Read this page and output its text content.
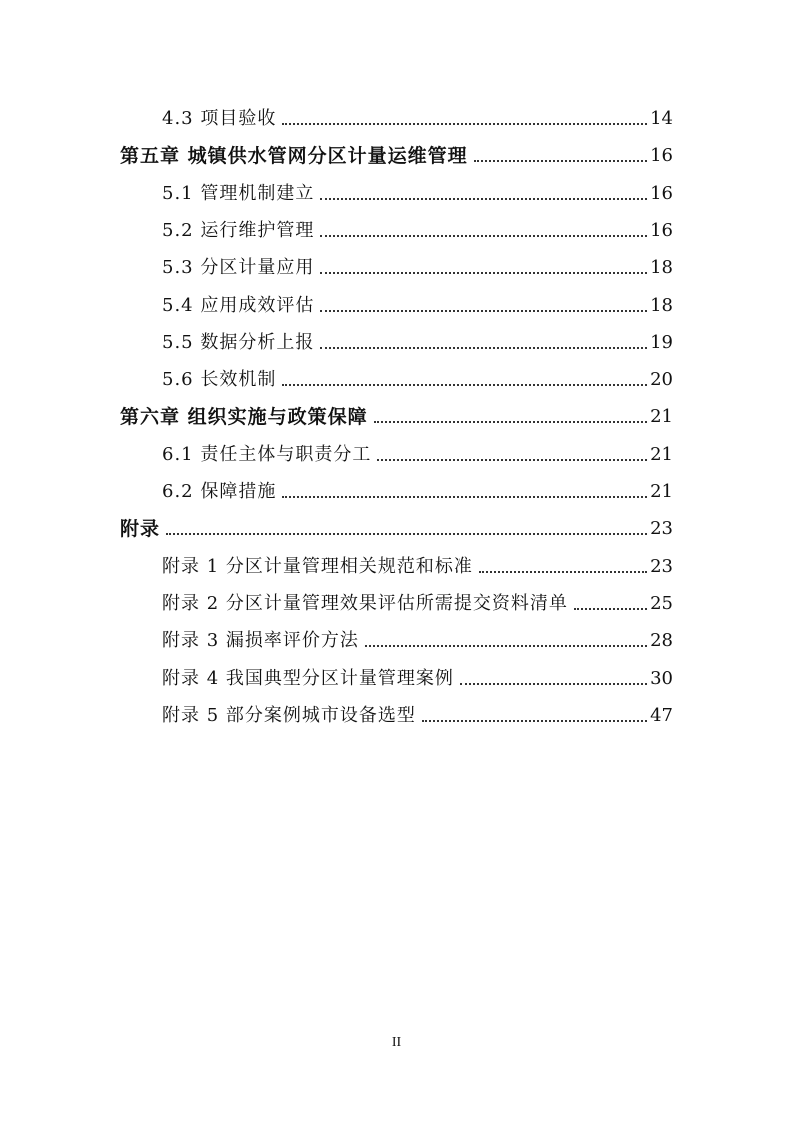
4.3 项目验收	14
第五章 城镇供水管网分区计量运维管理	16
5.1 管理机制建立	16
5.2 运行维护管理	16
5.3 分区计量应用	18
5.4 应用成效评估	18
5.5 数据分析上报	19
5.6 长效机制	20
第六章 组织实施与政策保障	21
6.1 责任主体与职责分工	21
6.2 保障措施	21
附录	23
附录 1 分区计量管理相关规范和标准	23
附录 2 分区计量管理效果评估所需提交资料清单	25
附录 3 漏损率评价方法	28
附录 4 我国典型分区计量管理案例	30
附录 5 部分案例城市设备选型	47
II
